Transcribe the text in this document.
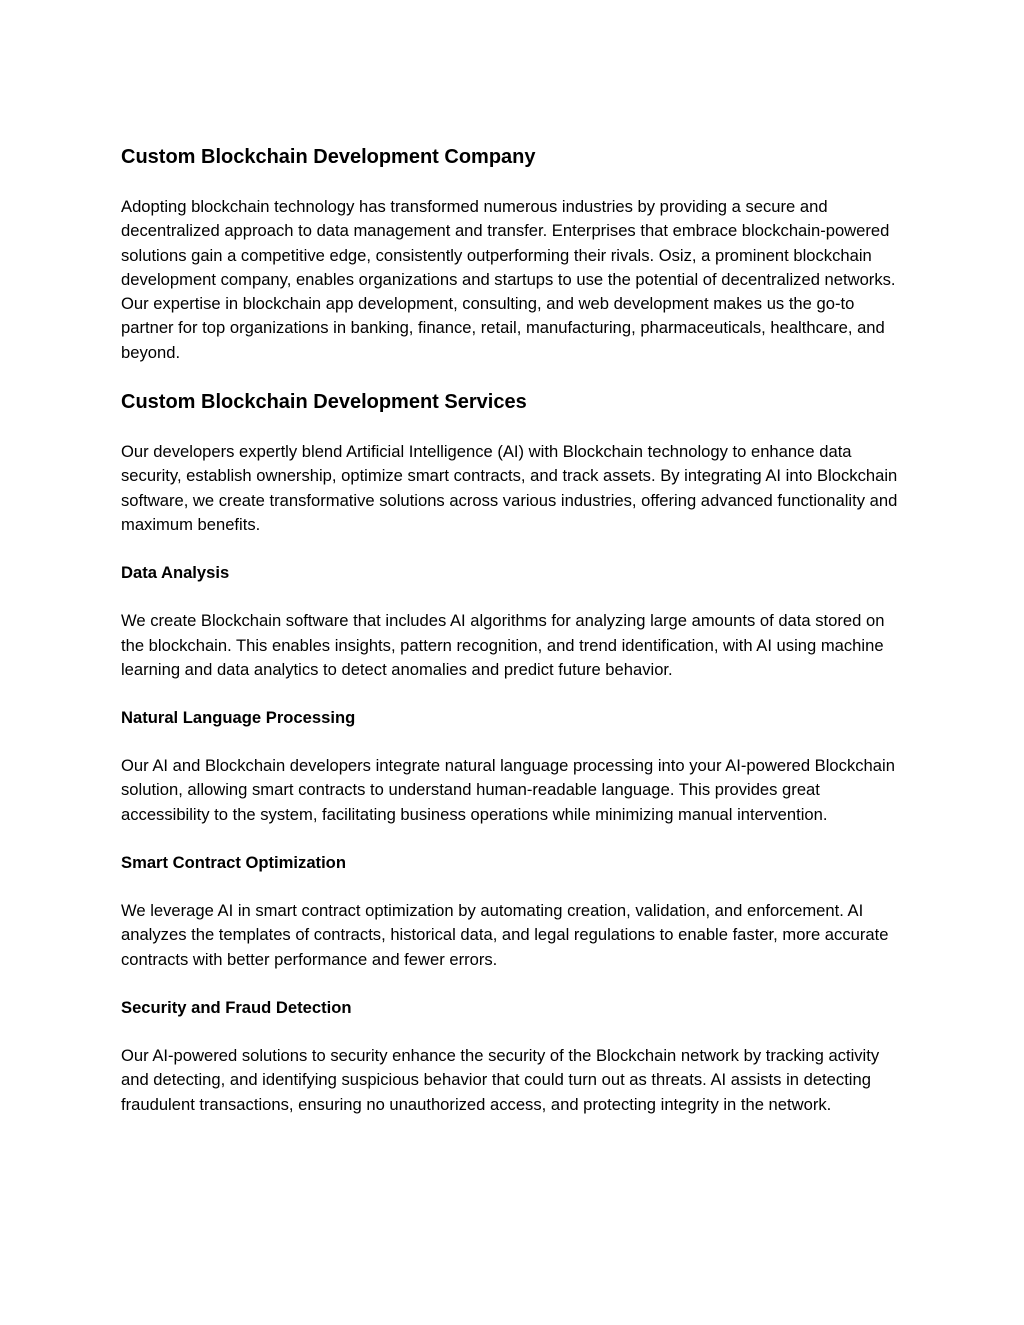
Custom Blockchain Development Company

Adopting blockchain technology has transformed numerous industries by providing a secure and decentralized approach to data management and transfer. Enterprises that embrace blockchain-powered solutions gain a competitive edge, consistently outperforming their rivals. Osiz, a prominent blockchain development company, enables organizations and startups to use the potential of decentralized networks. Our expertise in blockchain app development, consulting, and web development makes us the go-to partner for top organizations in banking, finance, retail, manufacturing, pharmaceuticals, healthcare, and beyond.

Custom Blockchain Development Services

Our developers expertly blend Artificial Intelligence (AI) with Blockchain technology to enhance data security, establish ownership, optimize smart contracts, and track assets. By integrating AI into Blockchain software, we create transformative solutions across various industries, offering advanced functionality and maximum benefits.

Data Analysis

We create Blockchain software that includes AI algorithms for analyzing large amounts of data stored on the blockchain. This enables insights, pattern recognition, and trend identification, with AI using machine learning and data analytics to detect anomalies and predict future behavior.

Natural Language Processing

Our AI and Blockchain developers integrate natural language processing into your AI-powered Blockchain solution, allowing smart contracts to understand human-readable language. This provides great accessibility to the system, facilitating business operations while minimizing manual intervention.

Smart Contract Optimization

We leverage AI in smart contract optimization by automating creation, validation, and enforcement. AI analyzes the templates of contracts, historical data, and legal regulations to enable faster, more accurate contracts with better performance and fewer errors.

Security and Fraud Detection

Our AI-powered solutions to security enhance the security of the Blockchain network by tracking activity and detecting, and identifying suspicious behavior that could turn out as threats. AI assists in detecting fraudulent transactions, ensuring no unauthorized access, and protecting integrity in the network.
